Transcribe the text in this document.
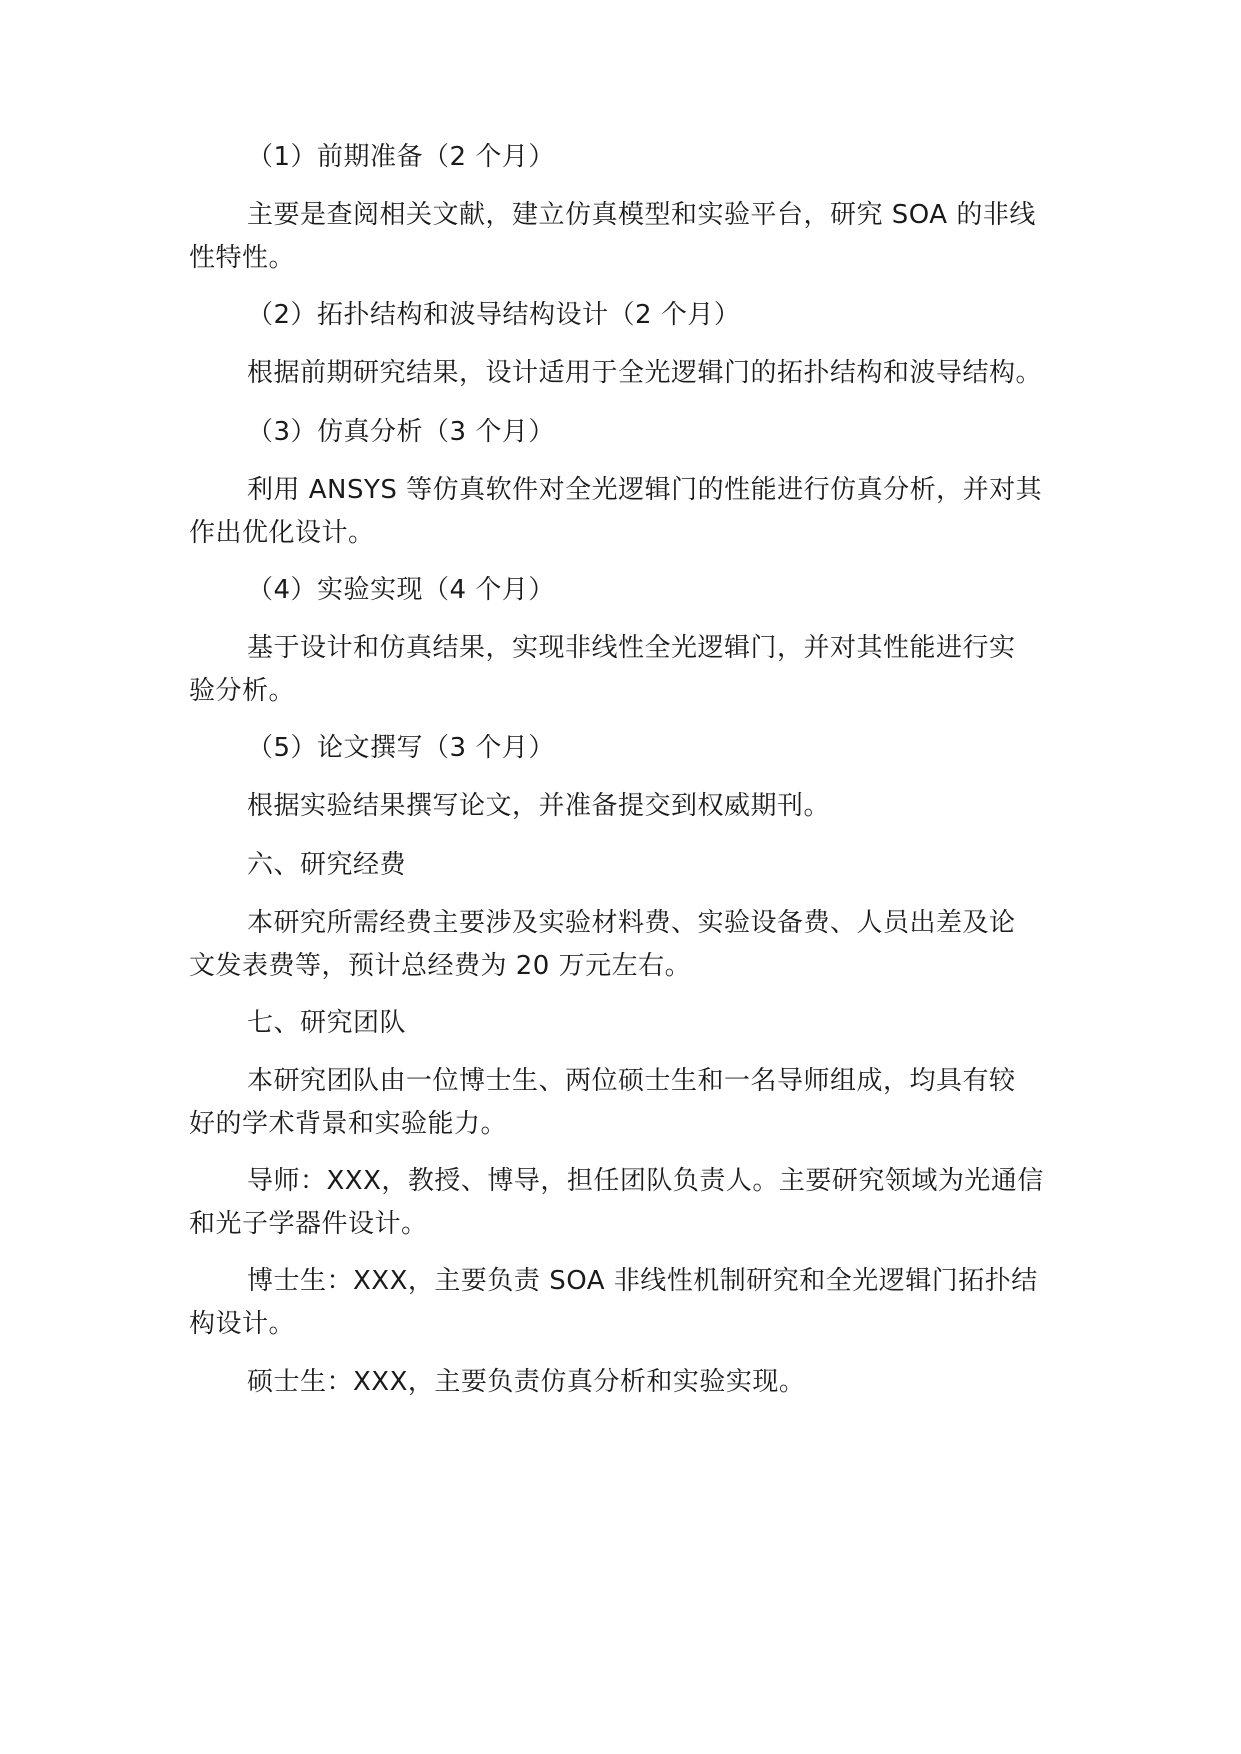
（1）前期准备（2 个月）
主要是查阅相关文献，建立仿真模型和实验平台，研究 SOA 的非线
性特性。
（2）拓扑结构和波导结构设计（2 个月）
根据前期研究结果，设计适用于全光逻辑门的拓扑结构和波导结构。
（3）仿真分析（3 个月）
利用 ANSYS 等仿真软件对全光逻辑门的性能进行仿真分析，并对其
作出优化设计。
（4）实验实现（4 个月）
基于设计和仿真结果，实现非线性全光逻辑门，并对其性能进行实
验分析。
（5）论文撰写（3 个月）
根据实验结果撰写论文，并准备提交到权威期刊。
六、研究经费
本研究所需经费主要涉及实验材料费、实验设备费、人员出差及论
文发表费等，预计总经费为 20 万元左右。
七、研究团队
本研究团队由一位博士生、两位硕士生和一名导师组成，均具有较
好的学术背景和实验能力。
导师：XXX，教授、博导，担任团队负责人。主要研究领域为光通信
和光子学器件设计。
博士生：XXX，主要负责 SOA 非线性机制研究和全光逻辑门拓扑结
构设计。
硕士生：XXX，主要负责仿真分析和实验实现。
